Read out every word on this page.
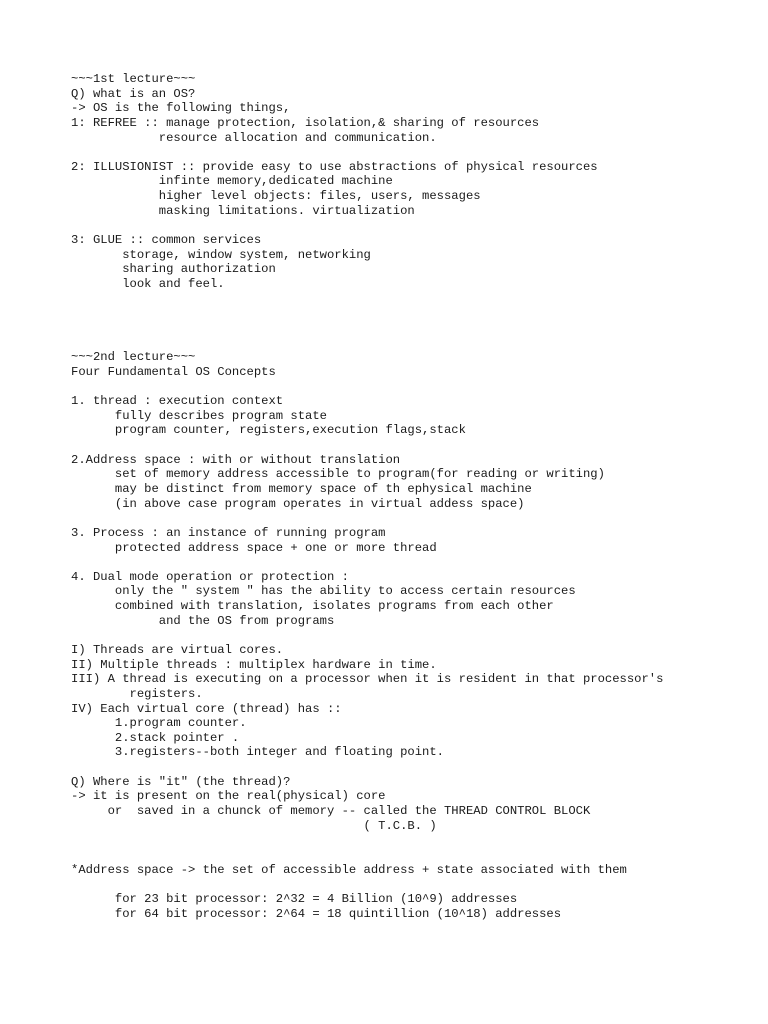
~~~1st lecture~~~
Q) what is an OS?
-> OS is the following things,
1: REFREE :: manage protection, isolation,& sharing of resources
resource allocation and communication.
2: ILLUSIONIST :: provide easy to use abstractions of physical resources
infinte memory,dedicated machine
higher level objects: files, users, messages
masking limitations. virtualization
3: GLUE :: common services
storage, window system, networking
sharing authorization
look and feel.
~~~2nd lecture~~~
Four Fundamental OS Concepts
1. thread : execution context
fully describes program state
program counter, registers,execution flags,stack
2.Address space : with or without translation
set of memory address accessible to program(for reading or writing)
may be distinct from memory space of th ephysical machine
(in above case program operates in virtual addess space)
3. Process : an instance of running program
protected address space + one or more thread
4. Dual mode operation or protection :
only the " system " has the ability to access certain resources
combined with translation, isolates programs from each other
and the OS from programs
I) Threads are virtual cores.
II) Multiple threads : multiplex hardware in time.
III) A thread is executing on a processor when it is resident in that processor's
registers.
IV) Each virtual core (thread) has ::
1.program counter.
2.stack pointer .
3.registers--both integer and floating point.
Q) Where is "it" (the thread)?
-> it is present on the real(physical) core
or  saved in a chunck of memory -- called the THREAD CONTROL BLOCK
( T.C.B. )
*Address space -> the set of accessible address + state associated with them
for 23 bit processor: 2^32 = 4 Billion (10^9) addresses
for 64 bit processor: 2^64 = 18 quintillion (10^18) addresses
